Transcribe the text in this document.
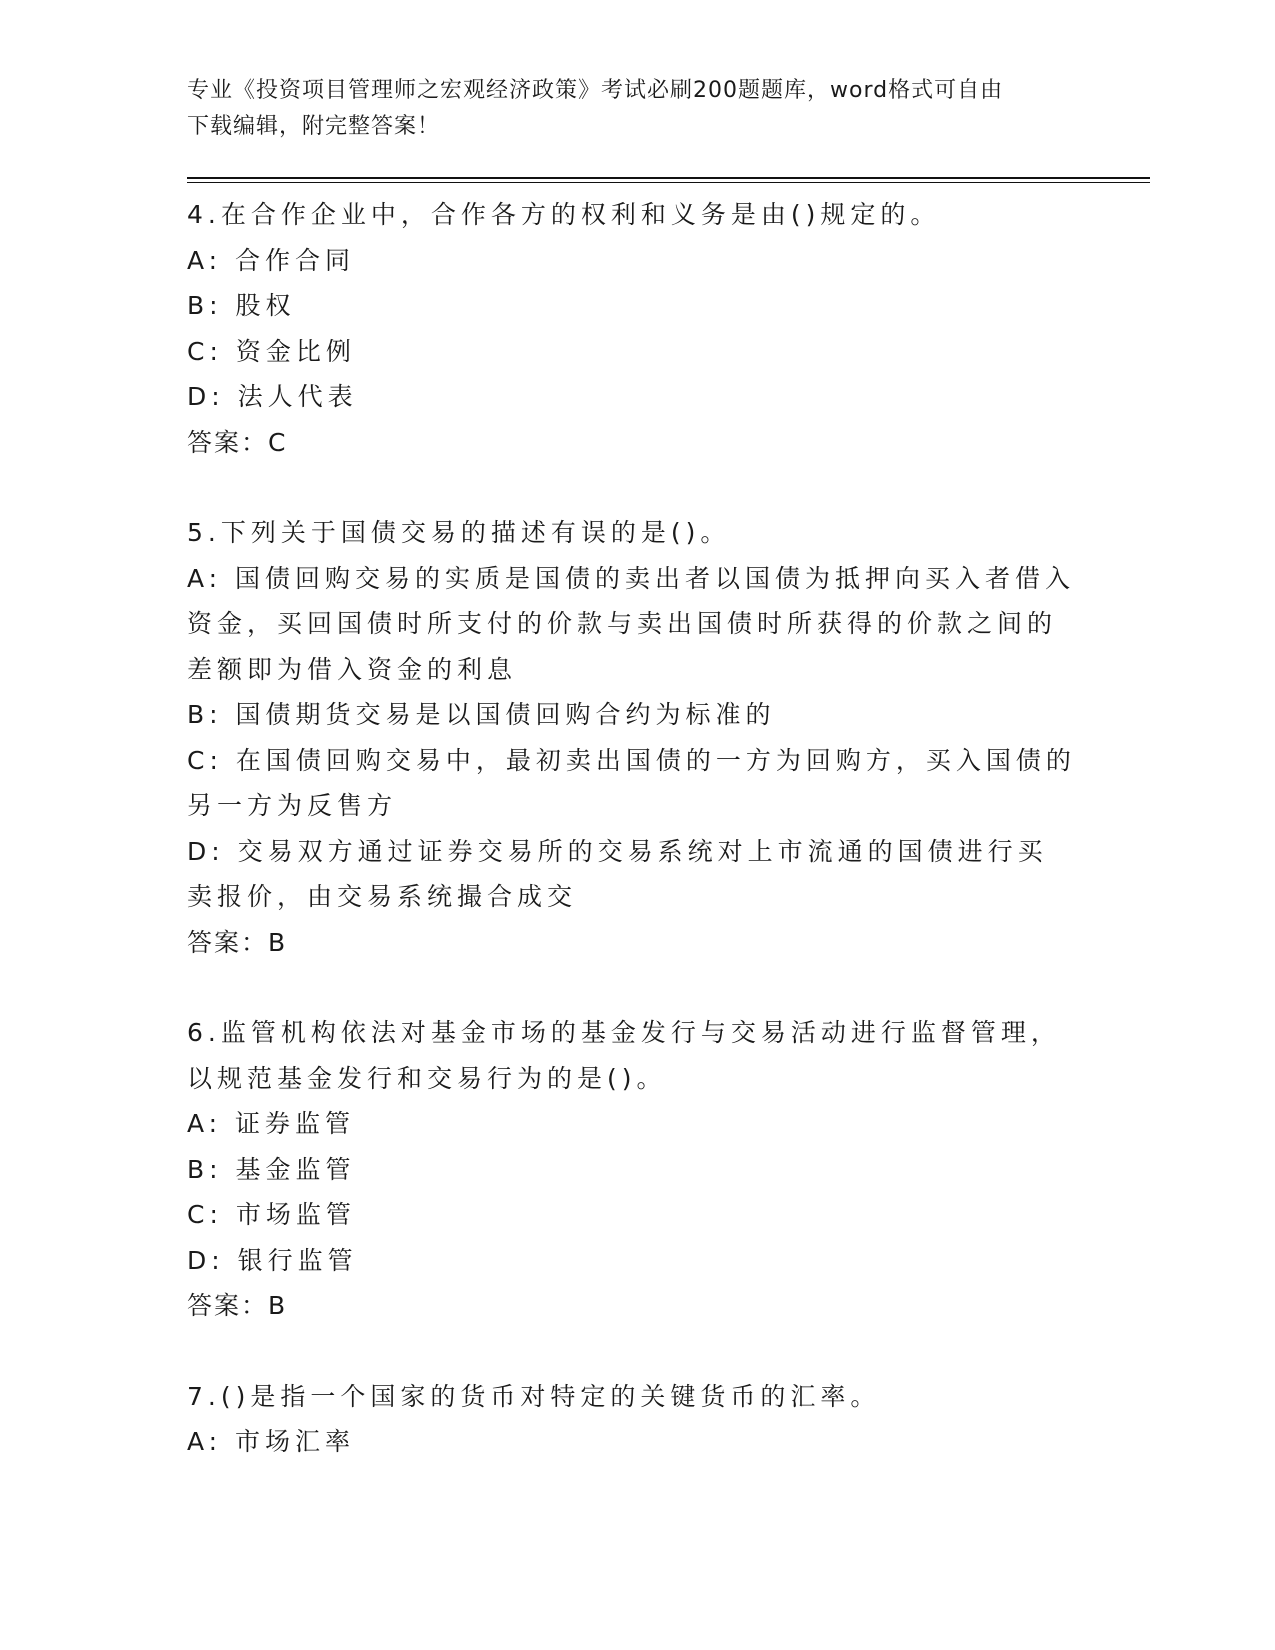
专业《投资项目管理师之宏观经济政策》考试必刷200题题库，word格式可自由
下载编辑，附完整答案！

4.在合作企业中，合作各方的权利和义务是由()规定的。

A: 合作合同

B: 股权

C: 资金比例

D: 法人代表

答案：C

5.下列关于国债交易的描述有误的是()。

A: 国债回购交易的实质是国债的卖出者以国债为抵押向买入者借入资金，买回国债时所支付的价款与卖出国债时所获得的价款之间的差额即为借入资金的利息

B: 国债期货交易是以国债回购合约为标准的

C: 在国债回购交易中，最初卖出国债的一方为回购方，买入国债的另一方为反售方

D: 交易双方通过证券交易所的交易系统对上市流通的国债进行买卖报价，由交易系统撮合成交

答案：B

6.监管机构依法对基金市场的基金发行与交易活动进行监督管理，以规范基金发行和交易行为的是()。

A: 证券监管

B: 基金监管

C: 市场监管

D: 银行监管

答案：B

7.()是指一个国家的货币对特定的关键货币的汇率。

A: 市场汇率
